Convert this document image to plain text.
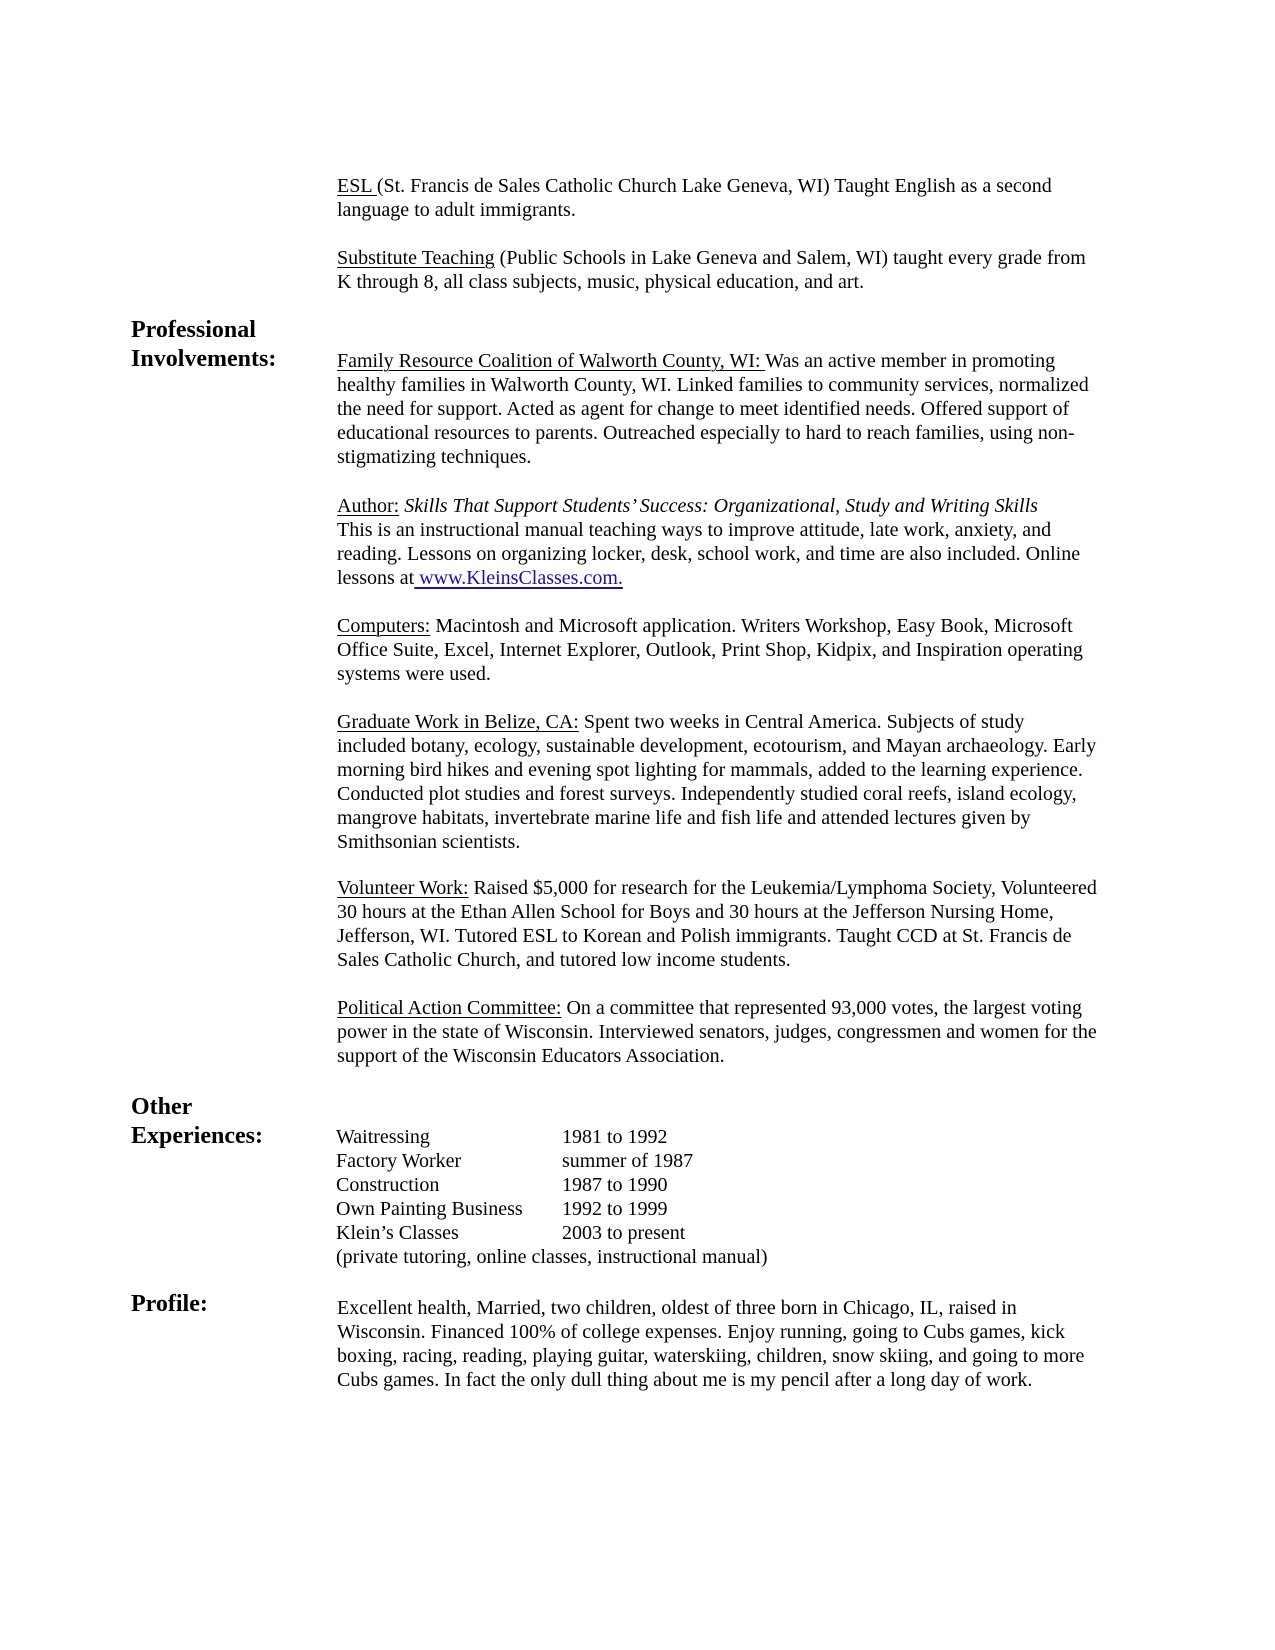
ESL (St. Francis de Sales Catholic Church Lake Geneva, WI) Taught English as a second language to adult immigrants.

Substitute Teaching (Public Schools in Lake Geneva and Salem, WI) taught every grade from K through 8, all class subjects, music, physical education, and art.

Professional
Involvements:	Family Resource Coalition of Walworth County, WI: Was an active member in promoting healthy families in Walworth County, WI. Linked families to community services, normalized the need for support. Acted as agent for change to meet identified needs. Offered support of educational resources to parents. Outreached especially to hard to reach families, using non-stigmatizing techniques.

Author: Skills That Support Students’ Success: Organizational, Study and Writing Skills
This is an instructional manual teaching ways to improve attitude, late work, anxiety, and reading. Lessons on organizing locker, desk, school work, and time are also included. Online lessons at www.KleinsClasses.com.

Computers: Macintosh and Microsoft application. Writers Workshop, Easy Book, Microsoft Office Suite, Excel, Internet Explorer, Outlook, Print Shop, Kidpix, and Inspiration operating systems were used.

Graduate Work in Belize, CA: Spent two weeks in Central America. Subjects of study included botany, ecology, sustainable development, ecotourism, and Mayan archaeology. Early morning bird hikes and evening spot lighting for mammals, added to the learning experience. Conducted plot studies and forest surveys. Independently studied coral reefs, island ecology, mangrove habitats, invertebrate marine life and fish life and attended lectures given by Smithsonian scientists.

Volunteer Work: Raised $5,000 for research for the Leukemia/Lymphoma Society, Volunteered 30 hours at the Ethan Allen School for Boys and 30 hours at the Jefferson Nursing Home, Jefferson, WI. Tutored ESL to Korean and Polish immigrants. Taught CCD at St. Francis de Sales Catholic Church, and tutored low income students.

Political Action Committee: On a committee that represented 93,000 votes, the largest voting power in the state of Wisconsin. Interviewed senators, judges, congressmen and women for the support of the Wisconsin Educators Association.

Other
Experiences:	Waitressing	1981 to 1992
Factory Worker	summer of 1987
Construction	1987 to 1990
Own Painting Business	1992 to 1999
Klein’s Classes	2003 to present

(private tutoring, online classes, instructional manual)

Profile:	Excellent health, Married, two children, oldest of three born in Chicago, IL, raised in Wisconsin. Financed 100% of college expenses. Enjoy running, going to Cubs games, kick boxing, racing, reading, playing guitar, waterskiing, children, snow skiing, and going to more Cubs games. In fact the only dull thing about me is my pencil after a long day of work.
